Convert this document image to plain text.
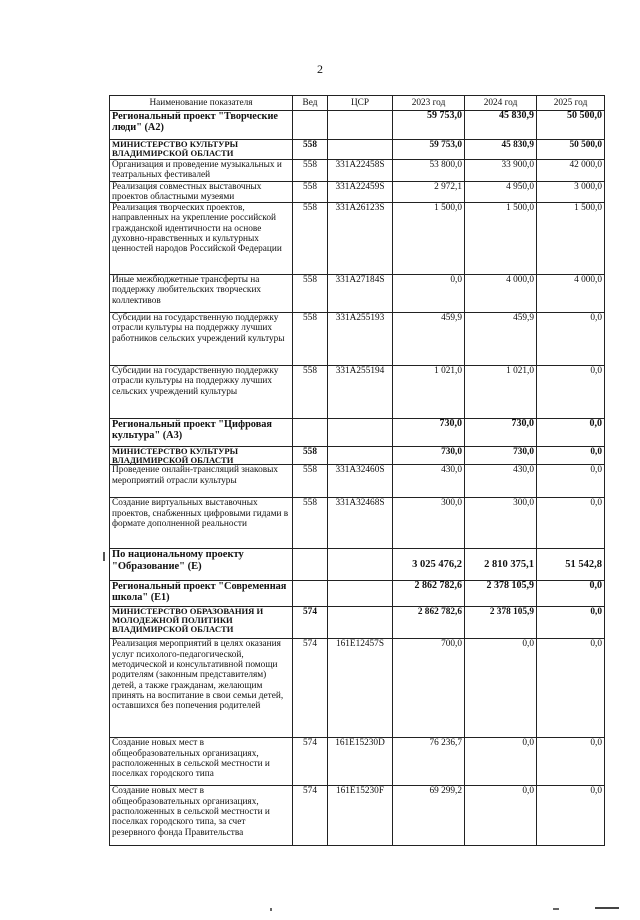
2
Наименование показателя	Вед	ЦСР	2023 год	2024 год	2025 год
Региональный проект "Творческие люди" (А2)			59 753,0	45 830,9	50 500,0
МИНИСТЕРСТВО КУЛЬТУРЫ ВЛАДИМИРСКОЙ ОБЛАСТИ	558		59 753,0	45 830,9	50 500,0
Организация и проведение музыкальных и театральных фестивалей	558	331А22458S	53 800,0	33 900,0	42 000,0
Реализация совместных выставочных проектов областными музеями	558	331А22459S	2 972,1	4 950,0	3 000,0
Реализация творческих проектов, направленных на укрепление российской гражданской идентичности на основе духовно-нравственных и культурных ценностей народов Российской Федерации	558	331А26123S	1 500,0	1 500,0	1 500,0
Иные межбюджетные трансферты на поддержку любительских творческих коллективов	558	331А27184S	0,0	4 000,0	4 000,0
Субсидии на государственную поддержку отрасли культуры на поддержку лучших работников сельских учреждений культуры	558	331А255193	459,9	459,9	0,0
Субсидии на государственную поддержку отрасли культуры на поддержку лучших сельских учреждений культуры	558	331А255194	1 021,0	1 021,0	0,0
Региональный проект "Цифровая культура" (А3)			730,0	730,0	0,0
МИНИСТЕРСТВО КУЛЬТУРЫ ВЛАДИМИРСКОЙ ОБЛАСТИ	558		730,0	730,0	0,0
Проведение онлайн-трансляций знаковых мероприятий отрасли культуры	558	331А32460S	430,0	430,0	0,0
Создание виртуальных выставочных проектов, снабженных цифровыми гидами в формате дополненной реальности	558	331А32468S	300,0	300,0	0,0
По национальному проекту "Образование" (Е)			3 025 476,2	2 810 375,1	51 542,8
Региональный проект "Современная школа" (Е1)			2 862 782,6	2 378 105,9	0,0
МИНИСТЕРСТВО ОБРАЗОВАНИЯ И МОЛОДЕЖНОЙ ПОЛИТИКИ ВЛАДИМИРСКОЙ ОБЛАСТИ	574		2 862 782,6	2 378 105,9	0,0
Реализация мероприятий в целях оказания услуг психолого-педагогической, методической и консультативной помощи родителям (законным представителям) детей, а также гражданам, желающим принять на воспитание в свои семьи детей, оставшихся без попечения родителей	574	161Е12457S	700,0	0,0	0,0
Создание новых мест в общеобразовательных организациях, расположенных в сельской местности и поселках городского типа	574	161Е15230D	76 236,7	0,0	0,0
Создание новых мест в общеобразовательных организациях, расположенных в сельской местности и поселках городского типа, за счет резервного фонда Правительства	574	161Е15230F	69 299,2	0,0	0,0
